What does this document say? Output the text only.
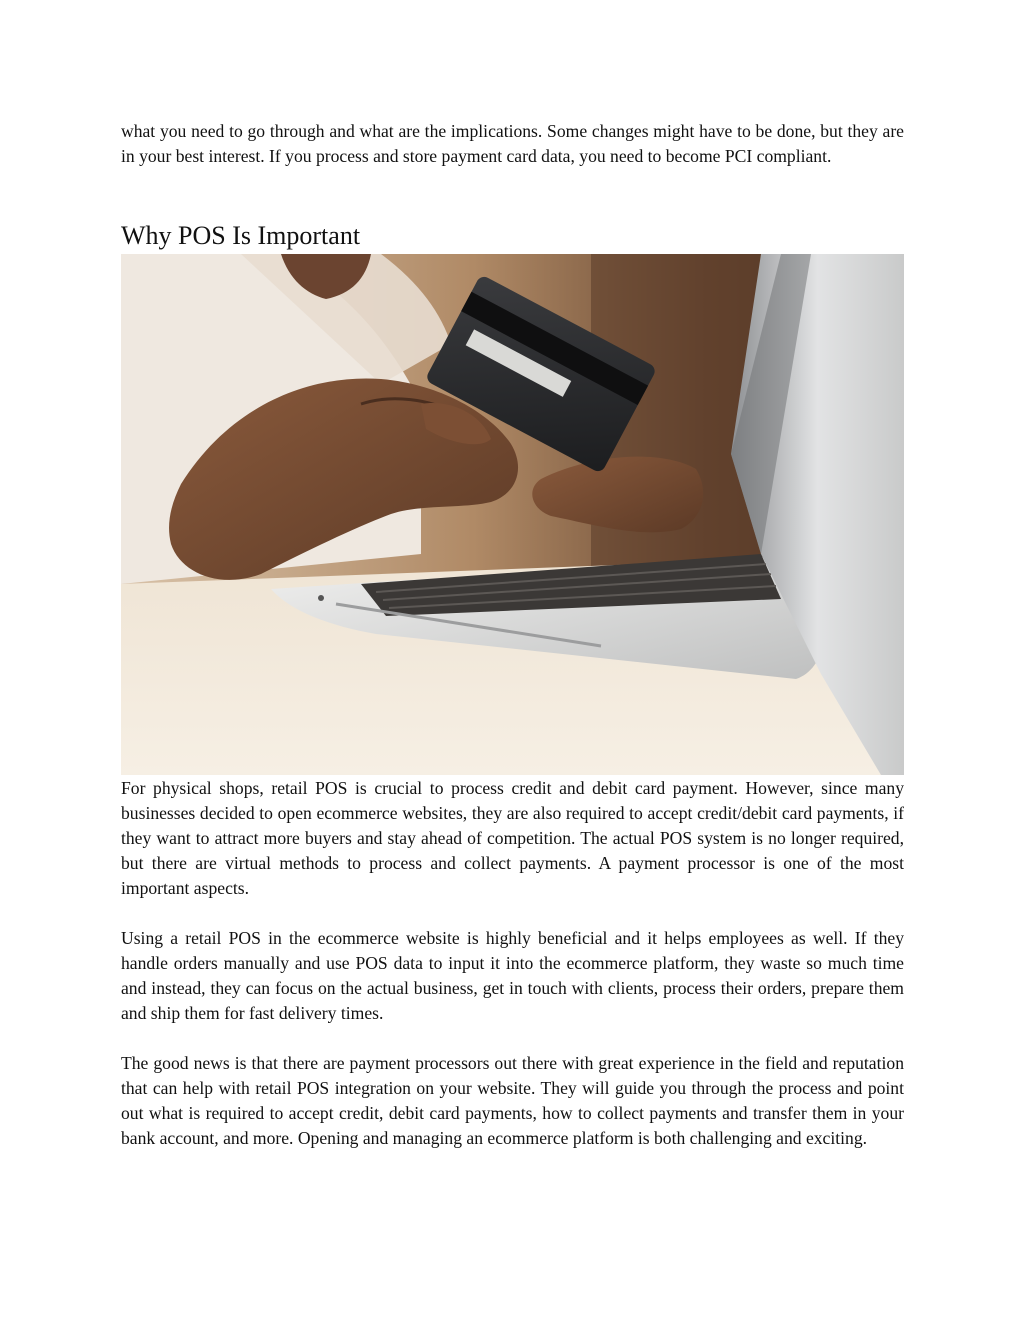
what you need to go through and what are the implications. Some changes might have to be done, but they are in your best interest. If you process and store payment card data, you need to become PCI compliant.

Why POS Is Important

For physical shops, retail POS is crucial to process credit and debit card payment. However, since many businesses decided to open ecommerce websites, they are also required to accept credit/debit card payments, if they want to attract more buyers and stay ahead of competition. The actual POS system is no longer required, but there are virtual methods to process and collect payments. A payment processor is one of the most important aspects.

Using a retail POS in the ecommerce website is highly beneficial and it helps employees as well. If they handle orders manually and use POS data to input it into the ecommerce platform, they waste so much time and instead, they can focus on the actual business, get in touch with clients, process their orders, prepare them and ship them for fast delivery times.

The good news is that there are payment processors out there with great experience in the field and reputation that can help with retail POS integration on your website. They will guide you through the process and point out what is required to accept credit, debit card payments, how to collect payments and transfer them in your bank account, and more. Opening and managing an ecommerce platform is both challenging and exciting.
